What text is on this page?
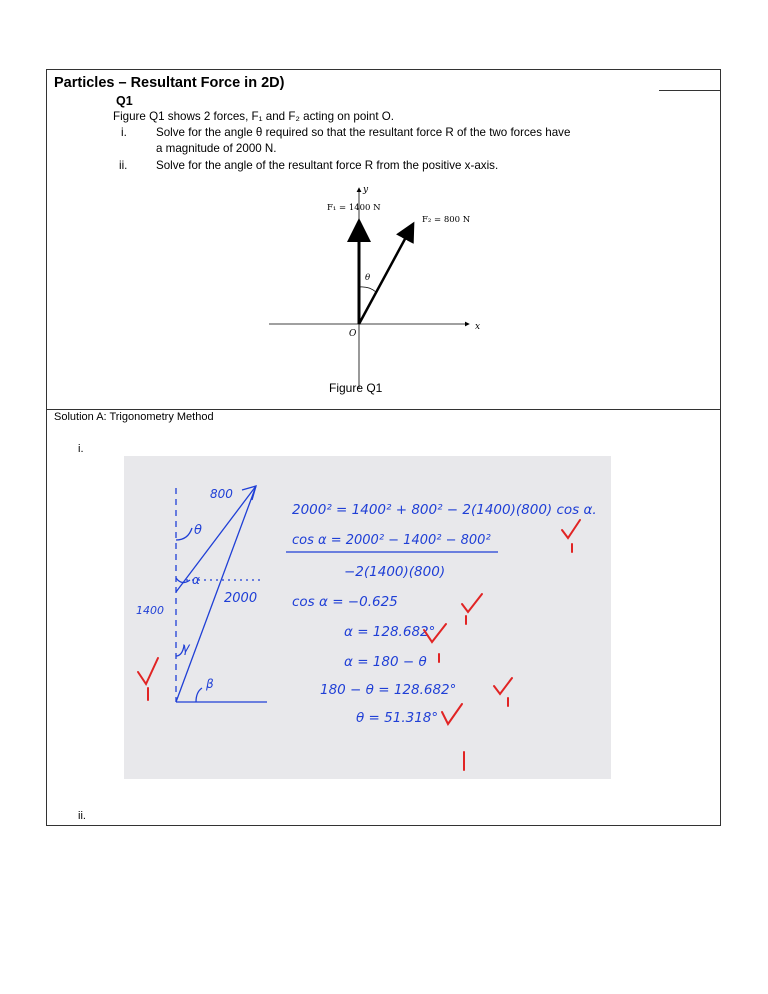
Particles – Resultant Force in 2D)
Q1
Figure Q1 shows 2 forces, F₁ and F₂ acting on point O.
i.	Solve for the angle θ required so that the resultant force R of the two forces have
a magnitude of 2000 N.
ii. Solve for the angle of the resultant force R from the positive x-axis.
y
x
O
F₁ = 1400 N
F₂ = 800 N
θ
Figure Q1
Solution A: Trigonometry Method
i.
800
θ
α
2000
1400
γ
β
2000² = 1400² + 800² − 2(1400)(800) cos α.
cos α = 2000² − 1400² − 800²
−2(1400)(800)
cos α = −0.625
α = 128.682°
α = 180 − θ
180 − θ = 128.682°
θ = 51.318°
ii.
